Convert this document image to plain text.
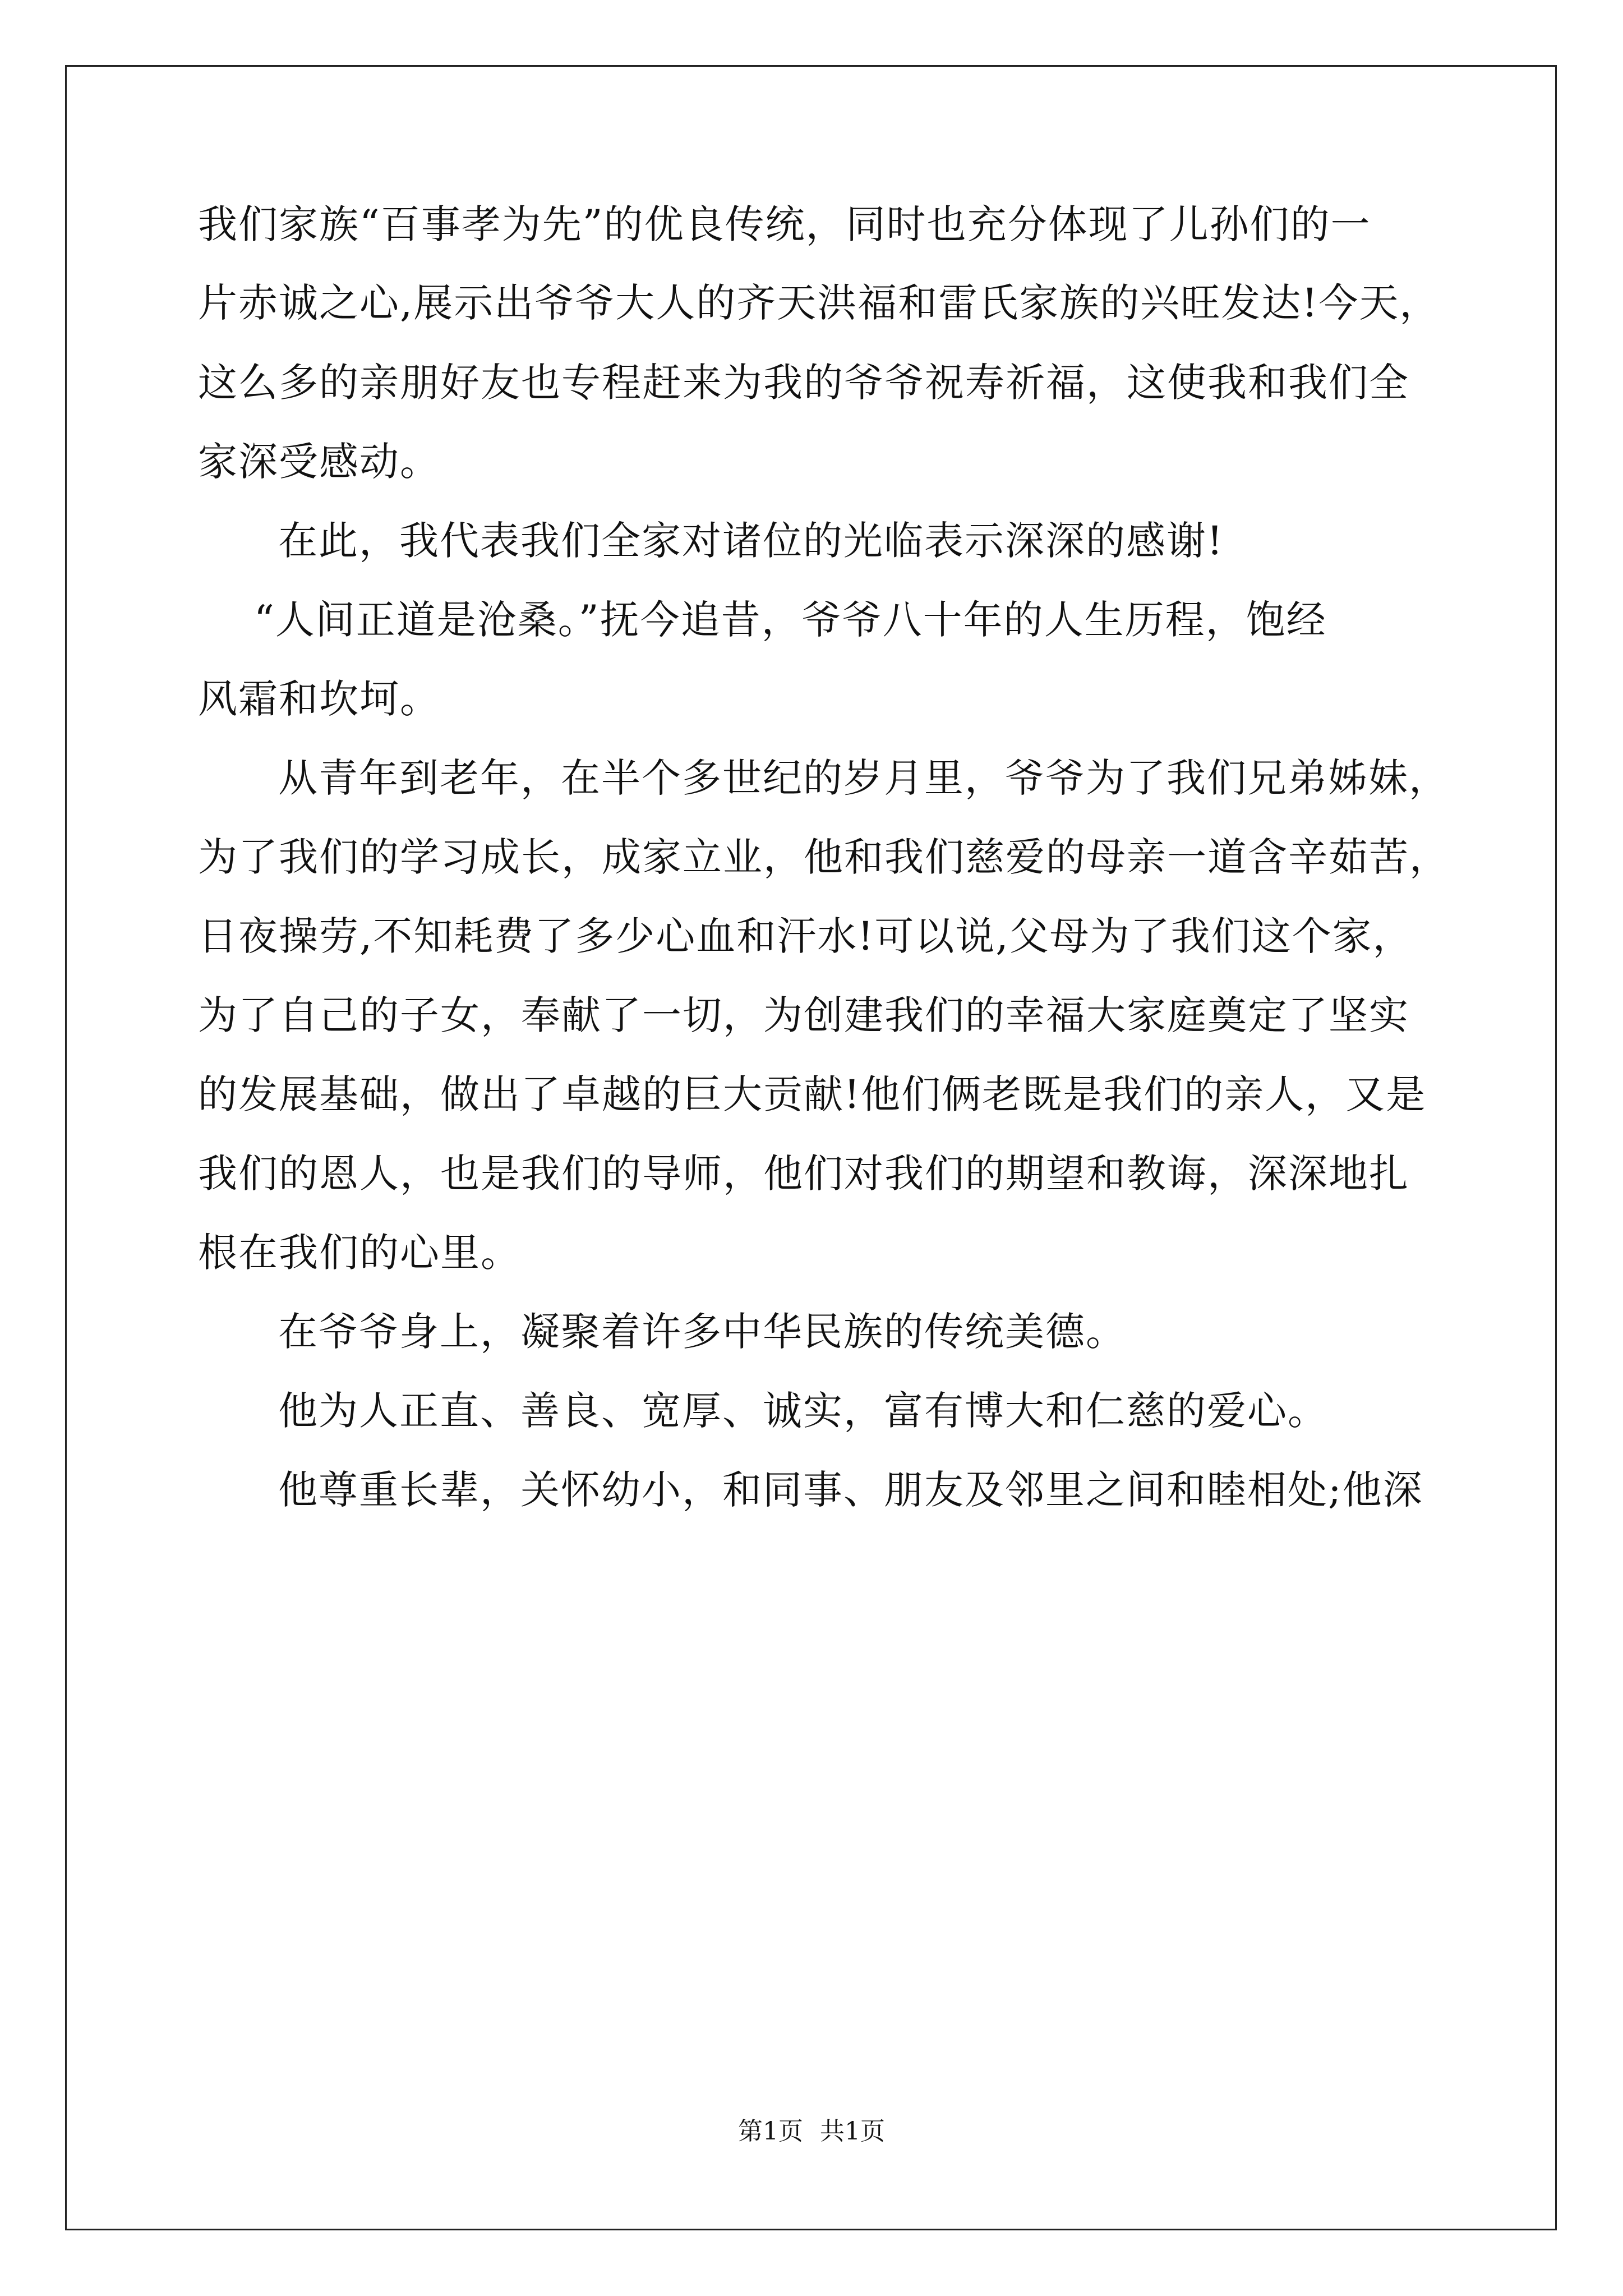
我们家族“百事孝为先”的优良传统，同时也充分体现了儿孙们的一
片赤诚之心,展示出爷爷大人的齐天洪福和雷氏家族的兴旺发达!今天，
这么多的亲朋好友也专程赶来为我的爷爷祝寿祈福，这使我和我们全
家深受感动。
在此，我代表我们全家对诸位的光临表示深深的感谢!
“人间正道是沧桑。”抚今追昔，爷爷八十年的人生历程，饱经
风霜和坎坷。
从青年到老年，在半个多世纪的岁月里，爷爷为了我们兄弟姊妹，
为了我们的学习成长，成家立业，他和我们慈爱的母亲一道含辛茹苦，
日夜操劳,不知耗费了多少心血和汗水!可以说,父母为了我们这个家，
为了自己的子女，奉献了一切，为创建我们的幸福大家庭奠定了坚实
的发展基础，做出了卓越的巨大贡献!他们俩老既是我们的亲人，又是
我们的恩人，也是我们的导师，他们对我们的期望和教诲，深深地扎
根在我们的心里。
在爷爷身上，凝聚着许多中华民族的传统美德。
他为人正直、善良、宽厚、诚实，富有博大和仁慈的爱心。
他尊重长辈，关怀幼小，和同事、朋友及邻里之间和睦相处;他深
第1页 共1页
